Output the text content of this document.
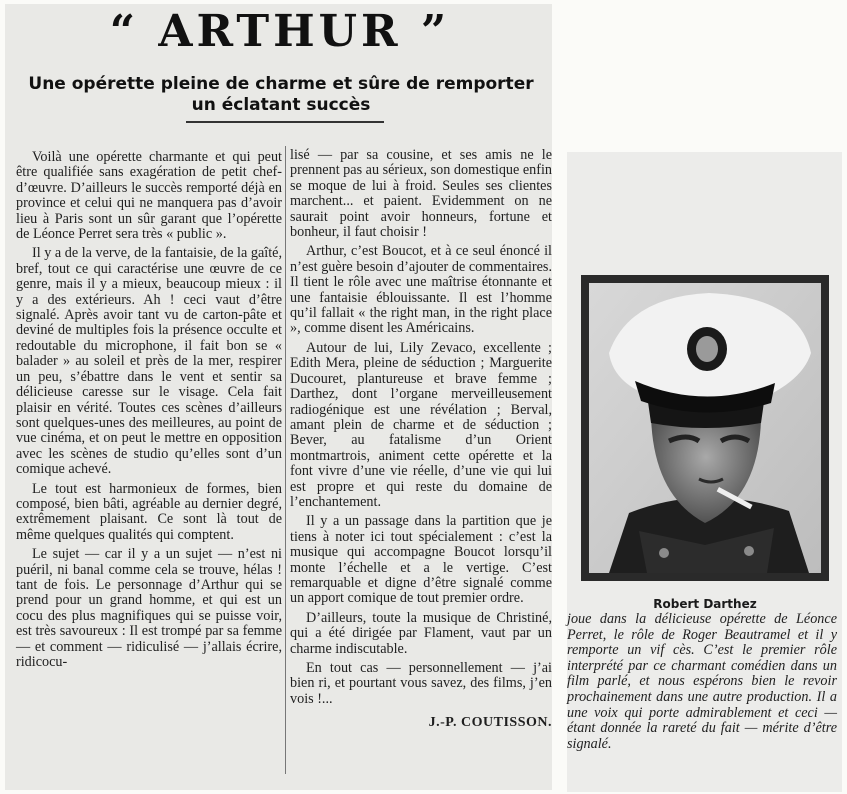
“ ARTHUR ”
Une opérette pleine de charme et sûre de remporter
un éclatant succès

Voilà une opérette charmante et qui peut être qualifiée sans exagération de petit chef-d’œuvre. D’ailleurs le succès remporté déjà en province et celui qui ne manquera pas d’avoir lieu à Paris sont un sûr garant que l’opérette de Léonce Perret sera très « public ».

Il y a de la verve, de la fantaisie, de la gaîté, bref, tout ce qui caractérise une œuvre de ce genre, mais il y a mieux, beaucoup mieux : il y a des extérieurs. Ah ! ceci vaut d’être signalé. Après avoir tant vu de carton-pâte et deviné de multiples fois la présence occulte et redoutable du microphone, il fait bon se « balader » au soleil et près de la mer, respirer un peu, s’ébattre dans le vent et sentir sa délicieuse caresse sur le visage. Cela fait plaisir en vérité. Toutes ces scènes d’ailleurs sont quelques-unes des meilleures, au point de vue cinéma, et on peut le mettre en opposition avec les scènes de studio qu’elles sont d’un comique achevé.

Le tout est harmonieux de formes, bien composé, bien bâti, agréable au dernier degré, extrêmement plaisant. Ce sont là tout de même quelques qualités qui comptent.

Le sujet — car il y a un sujet — n’est ni puéril, ni banal comme cela se trouve, hélas ! tant de fois. Le personnage d’Arthur qui se prend pour un grand homme, et qui est un cocu des plus magnifiques qui se puisse voir, est très savoureux : Il est trompé par sa femme — et comment — ridiculisé — j’allais écrire, ridicocu-

lisé — par sa cousine, et ses amis ne le prennent pas au sérieux, son domestique enfin se moque de lui à froid. Seules ses clientes marchent... et paient. Evidemment on ne saurait point avoir honneurs, fortune et bonheur, il faut choisir !

Arthur, c’est Boucot, et à ce seul énoncé il n’est guère besoin d’ajouter de commentaires. Il tient le rôle avec une maîtrise étonnante et une fantaisie éblouissante. Il est l’homme qu’il fallait « the right man, in the right place », comme disent les Américains.

Autour de lui, Lily Zevaco, excellente ; Edith Mera, pleine de séduction ; Marguerite Ducouret, plantureuse et brave femme ; Darthez, dont l’organe merveilleusement radiogénique est une révélation ; Berval, amant plein de charme et de séduction ; Bever, au fatalisme d’un Orient montmartrois, animent cette opérette et la font vivre d’une vie réelle, d’une vie qui lui est propre et qui reste du domaine de l’enchantement.

Il y a un passage dans la partition que je tiens à noter ici tout spécialement : c’est la musique qui accompagne Boucot lorsqu’il monte l’échelle et a le vertige. C’est remarquable et digne d’être signalé comme un apport comique de tout premier ordre.

D’ailleurs, toute la musique de Christiné, qui a été dirigée par Flament, vaut par un charme indiscutable.

En tout cas — personnellement — j’ai bien ri, et pourtant vous savez, des films, j’en vois !...

J.-P. COUTISSON.
Robert Darthez
joue dans la délicieuse opérette de Léonce Perret, le rôle de Roger Beautramel et il y remporte un vif cès. C’est le premier rôle interprété par ce charmant comédien dans un film parlé, et nous espérons bien le revoir prochainement dans une autre production. Il a une voix qui porte admirablement et ceci — étant donnée la rareté du fait — mérite d’être signalé.
